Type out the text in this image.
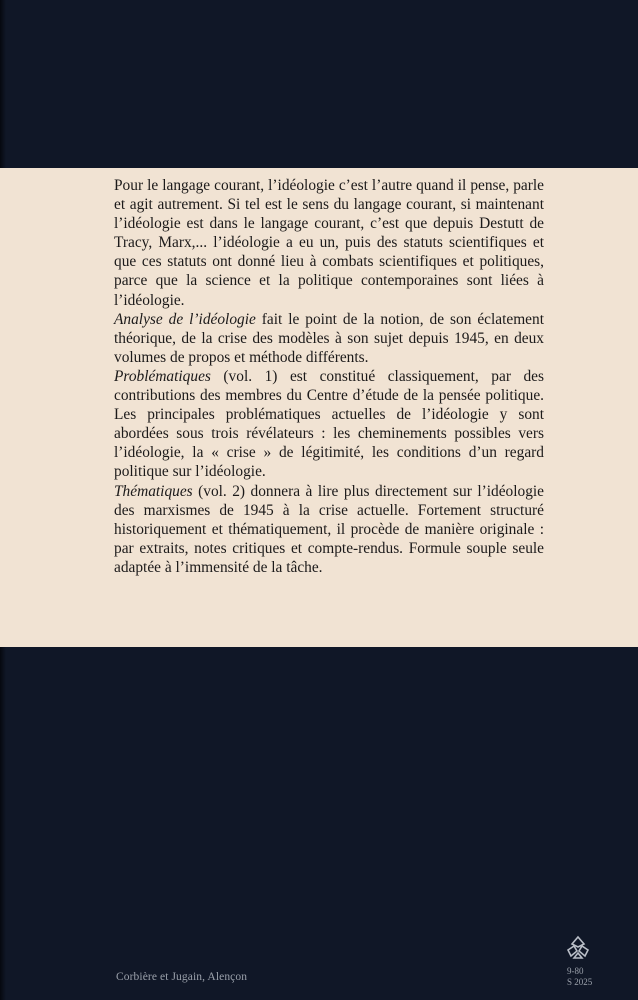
Pour le langage courant, l’idéologie c’est l’autre quand il pense, parle et agit autrement. Si tel est le sens du langage courant, si maintenant l’idéologie est dans le langage courant, c’est que depuis Destutt de Tracy, Marx,... l’idéologie a eu un, puis des statuts scientifiques et que ces statuts ont donné lieu à combats scientifiques et politiques, parce que la science et la politique contemporaines sont liées à l’idéologie.

Analyse de l’idéologie fait le point de la notion, de son éclatement théorique, de la crise des modèles à son sujet depuis 1945, en deux volumes de propos et méthode différents.

Problématiques (vol. 1) est constitué classiquement, par des contributions des membres du Centre d’étude de la pensée politique. Les principales problématiques actuelles de l’idéologie y sont abordées sous trois révélateurs : les cheminements possibles vers l’idéologie, la « crise » de légitimité, les conditions d’un regard politique sur l’idéologie.

Thématiques (vol. 2) donnera à lire plus directement sur l’idéologie des marxismes de 1945 à la crise actuelle. Fortement structuré historiquement et thématiquement, il procède de manière originale : par extraits, notes critiques et compte-rendus. Formule souple seule adaptée à l’immensité de la tâche.

Corbière et Jugain, Alençon	9-80
S 2025
